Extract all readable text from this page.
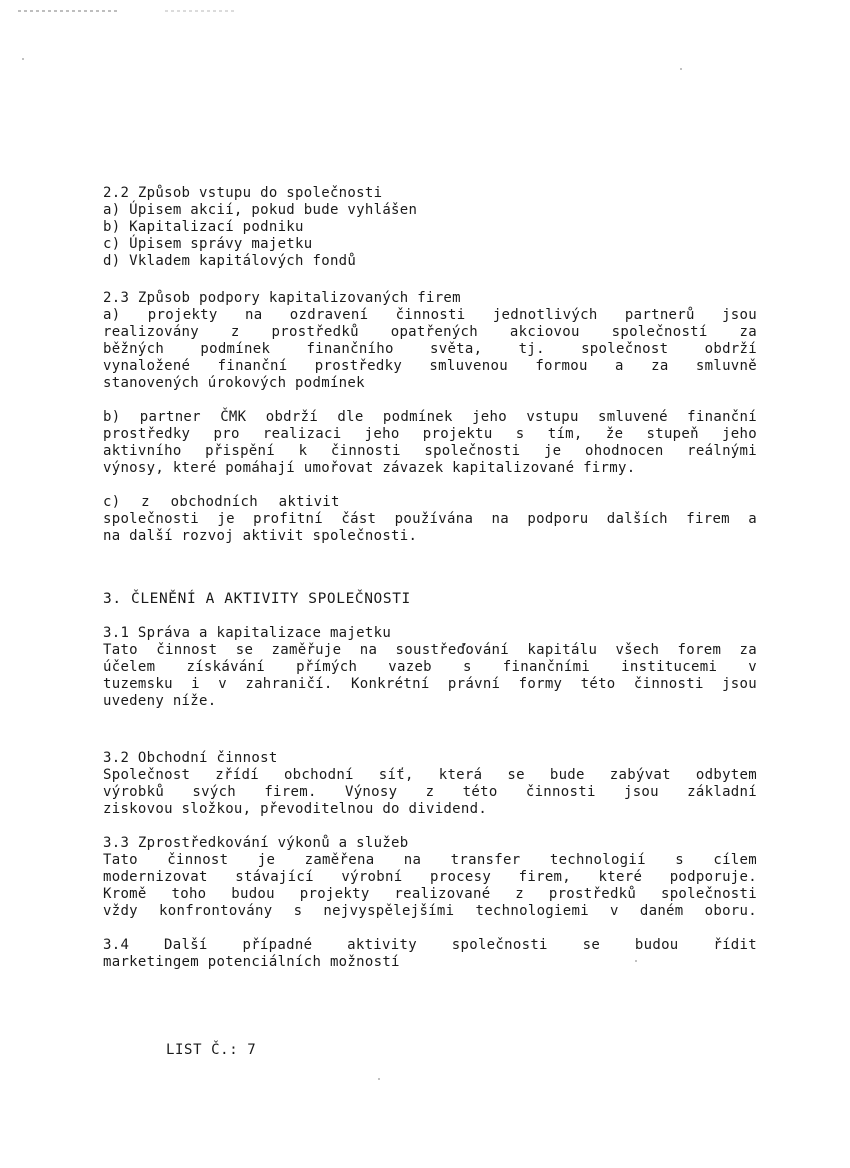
2.2 Způsob vstupu do společnosti
a) Úpisem akcií, pokud bude vyhlášen
b) Kapitalizací podniku
c) Úpisem správy majetku
d) Vkladem kapitálových fondů
2.3 Způsob podpory kapitalizovaných firem
a) projekty na ozdravení činnosti jednotlivých partnerů jsou
realizovány z prostředků opatřených akciovou společností za
běžných podmínek finančního světa, tj. společnost obdrží
vynaložené finanční prostředky smluvenou formou a za smluvně
stanovených úrokových podmínek
b) partner ČMK obdrží dle podmínek jeho vstupu smluvené finanční
prostředky pro realizaci jeho projektu s tím, že stupeň jeho
aktivního přispění k činnosti společnosti je ohodnocen reálnými
výnosy, které pomáhají umořovat závazek kapitalizované firmy.
c) z obchodních aktivit
společnosti je profitní část používána na podporu dalších firem a
na další rozvoj aktivit společnosti.
3. ČLENĚNÍ A AKTIVITY SPOLEČNOSTI
3.1 Správa a kapitalizace majetku
Tato činnost se zaměřuje na soustřeďování kapitálu všech forem za
účelem získávání přímých vazeb s finančními institucemi v
tuzemsku i v zahraničí. Konkrétní právní formy této činnosti jsou
uvedeny níže.
3.2 Obchodní činnost
Společnost zřídí obchodní síť, která se bude zabývat odbytem
výrobků svých firem. Výnosy z této činnosti jsou základní
ziskovou složkou, převoditelnou do dividend.
3.3 Zprostředkování výkonů a služeb
Tato činnost je zaměřena na transfer technologií s cílem
modernizovat stávající výrobní procesy firem, které podporuje.
Kromě toho budou projekty realizované z prostředků společnosti
vždy konfrontovány s nejvyspělejšími technologiemi v daném oboru.
3.4 Další případné aktivity společnosti se budou řídit
marketingem potenciálních možností
LIST Č.: 7
